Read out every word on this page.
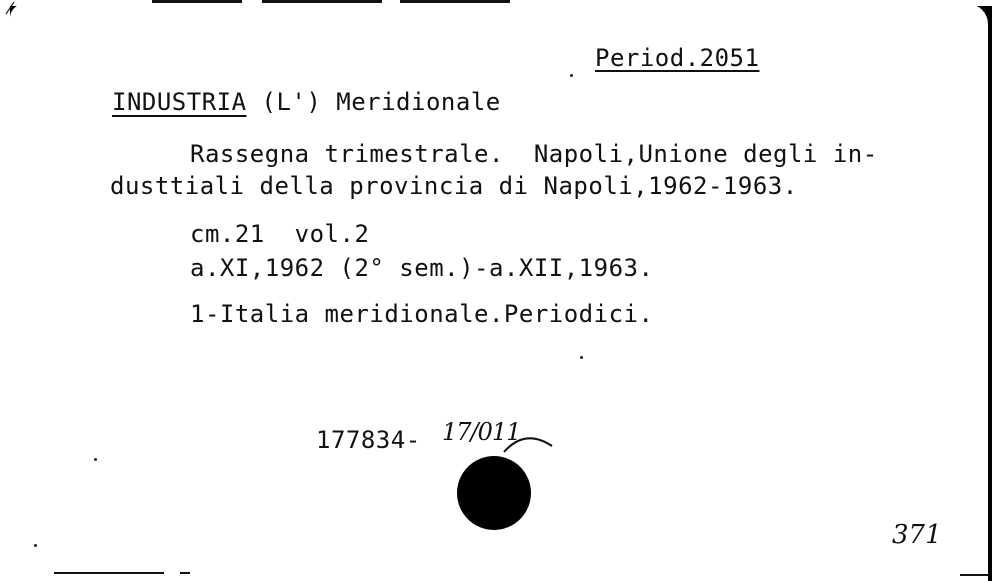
Period.2051
INDUSTRIA (L') Meridionale
Rassegna trimestrale.  Napoli,Unione degli in-
dusttiali della provincia di Napoli,1962-1963.
cm.21  vol.2
a.XI,1962 (2° sem.)-a.XII,1963.
1-Italia meridionale.Periodici.
177834- 17/011
371
